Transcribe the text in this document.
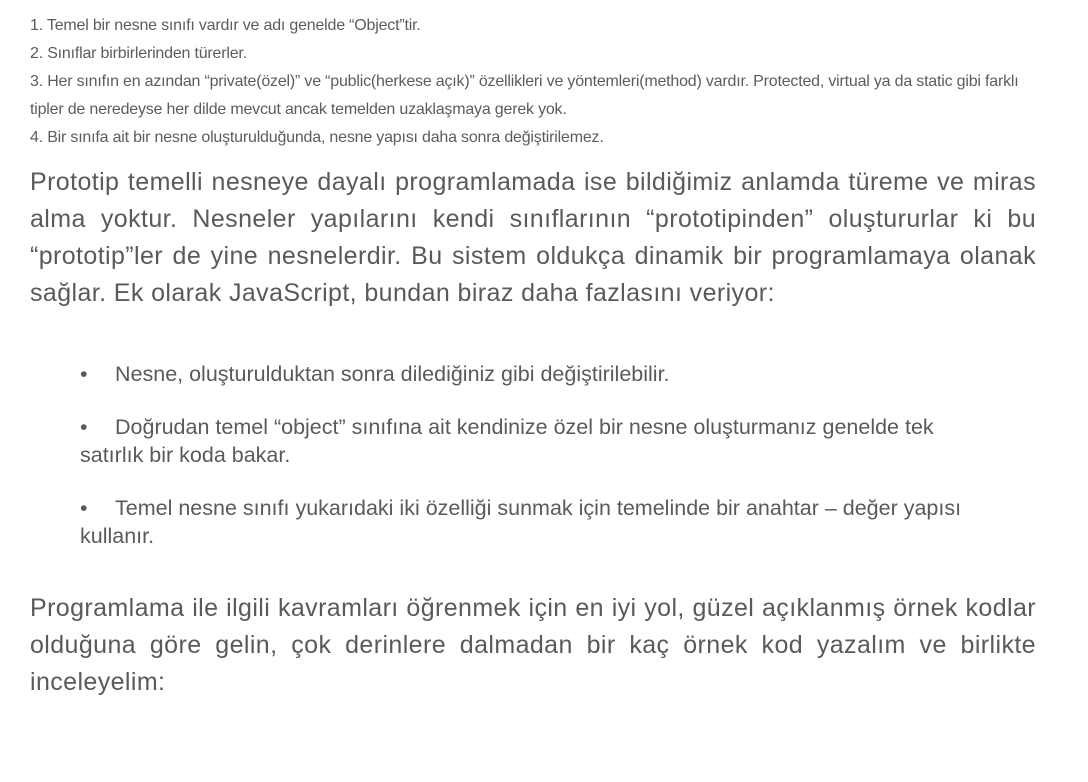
1. Temel bir nesne sınıfı vardır ve adı genelde “Object”tir.
2. Sınıflar birbirlerinden türerler.
3. Her sınıfın en azından “private(özel)” ve “public(herkese açık)” özellikleri ve yöntemleri(method) vardır. Protected, virtual ya da static gibi farklı tipler de neredeyse her dilde mevcut ancak temelden uzaklaşmaya gerek yok.
4. Bir sınıfa ait bir nesne oluşturulduğunda, nesne yapısı daha sonra değiştirilemez.

Prototip temelli nesneye dayalı programlamada ise bildiğimiz anlamda türeme ve miras alma yoktur. Nesneler yapılarını kendi sınıflarının “prototipinden” oluştururlar ki bu “prototip”ler de yine nesnelerdir. Bu sistem oldukça dinamik bir programlamaya olanak sağlar. Ek olarak JavaScript, bundan biraz daha fazlasını veriyor:

• Nesne, oluşturulduktan sonra dilediğiniz gibi değiştirilebilir.
• Doğrudan temel “object” sınıfına ait kendinize özel bir nesne oluşturmanız genelde tek satırlık bir koda bakar.
• Temel nesne sınıfı yukarıdaki iki özelliği sunmak için temelinde bir anahtar – değer yapısı kullanır.

Programlama ile ilgili kavramları öğrenmek için en iyi yol, güzel açıklanmış örnek kodlar olduğuna göre gelin, çok derinlere dalmadan bir kaç örnek kod yazalım ve birlikte inceleyelim:
